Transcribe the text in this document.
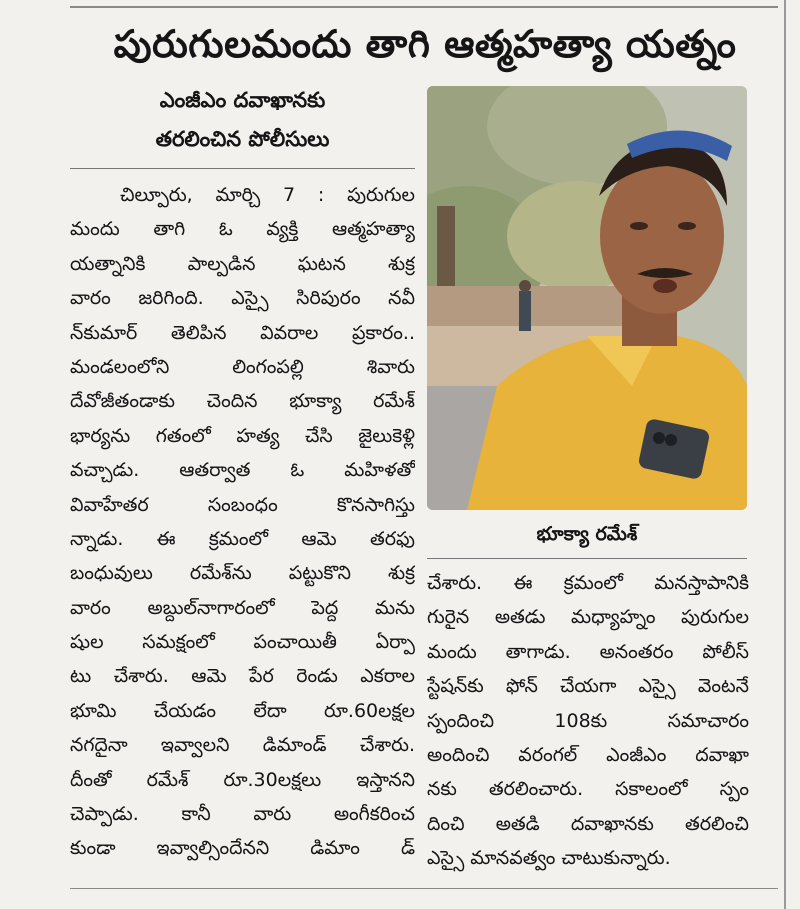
పురుగులమందు తాగి ఆత్మహత్యా యత్నం
ఎంజీఎం దవాఖానకు
తరలించిన పోలీసులు
చిల్పూరు, మార్చి 7 : పురుగుల
మందు తాగి ఓ వ్యక్తి ఆత్మహత్యా
యత్నానికి పాల్పడిన ఘటన శుక్ర
వారం జరిగింది. ఎస్సై సిరిపురం నవీ
న్‌కుమార్ తెలిపిన వివరాల ప్రకారం..
మండలంలోని లింగంపల్లి శివారు
దేవోజీతండాకు చెందిన భూక్యా రమేశ్
భార్యను గతంలో హత్య చేసి జైలుకెళ్లి
వచ్చాడు. ఆతర్వాత ఓ మహిళతో
వివాహేతర సంబంధం కొనసాగిస్తు
న్నాడు. ఈ క్రమంలో ఆమె తరఫు
బంధువులు రమేశ్‌ను పట్టుకొని శుక్ర
వారం అబ్దుల్‌నాగారంలో పెద్ద మను
షుల సమక్షంలో పంచాయితీ ఏర్పా
టు చేశారు. ఆమె పేర రెండు ఎకరాల
భూమి చేయడం లేదా రూ.60లక్షల
నగదైనా ఇవ్వాలని డిమాండ్ చేశారు.
దీంతో రమేశ్ రూ.30లక్షలు ఇస్తానని
చెప్పాడు. కానీ వారు అంగీకరించ
కుండా ఇవ్వాల్సిందేనని డిమాం డ్
భూక్యా రమేశ్
చేశారు. ఈ క్రమంలో మనస్తాపానికి
గురైన అతడు మధ్యాహ్నం పురుగుల
మందు తాగాడు. అనంతరం పోలీస్
స్టేషన్‌కు ఫోన్ చేయగా ఎస్సై వెంటనే
స్పందించి 108కు సమాచారం
అందించి వరంగల్ ఎంజీఎం దవాఖా
నకు తరలించారు. సకాలంలో స్పం
దించి అతడి దవాఖానకు తరలించి
ఎస్సై మానవత్వం చాటుకున్నారు.
